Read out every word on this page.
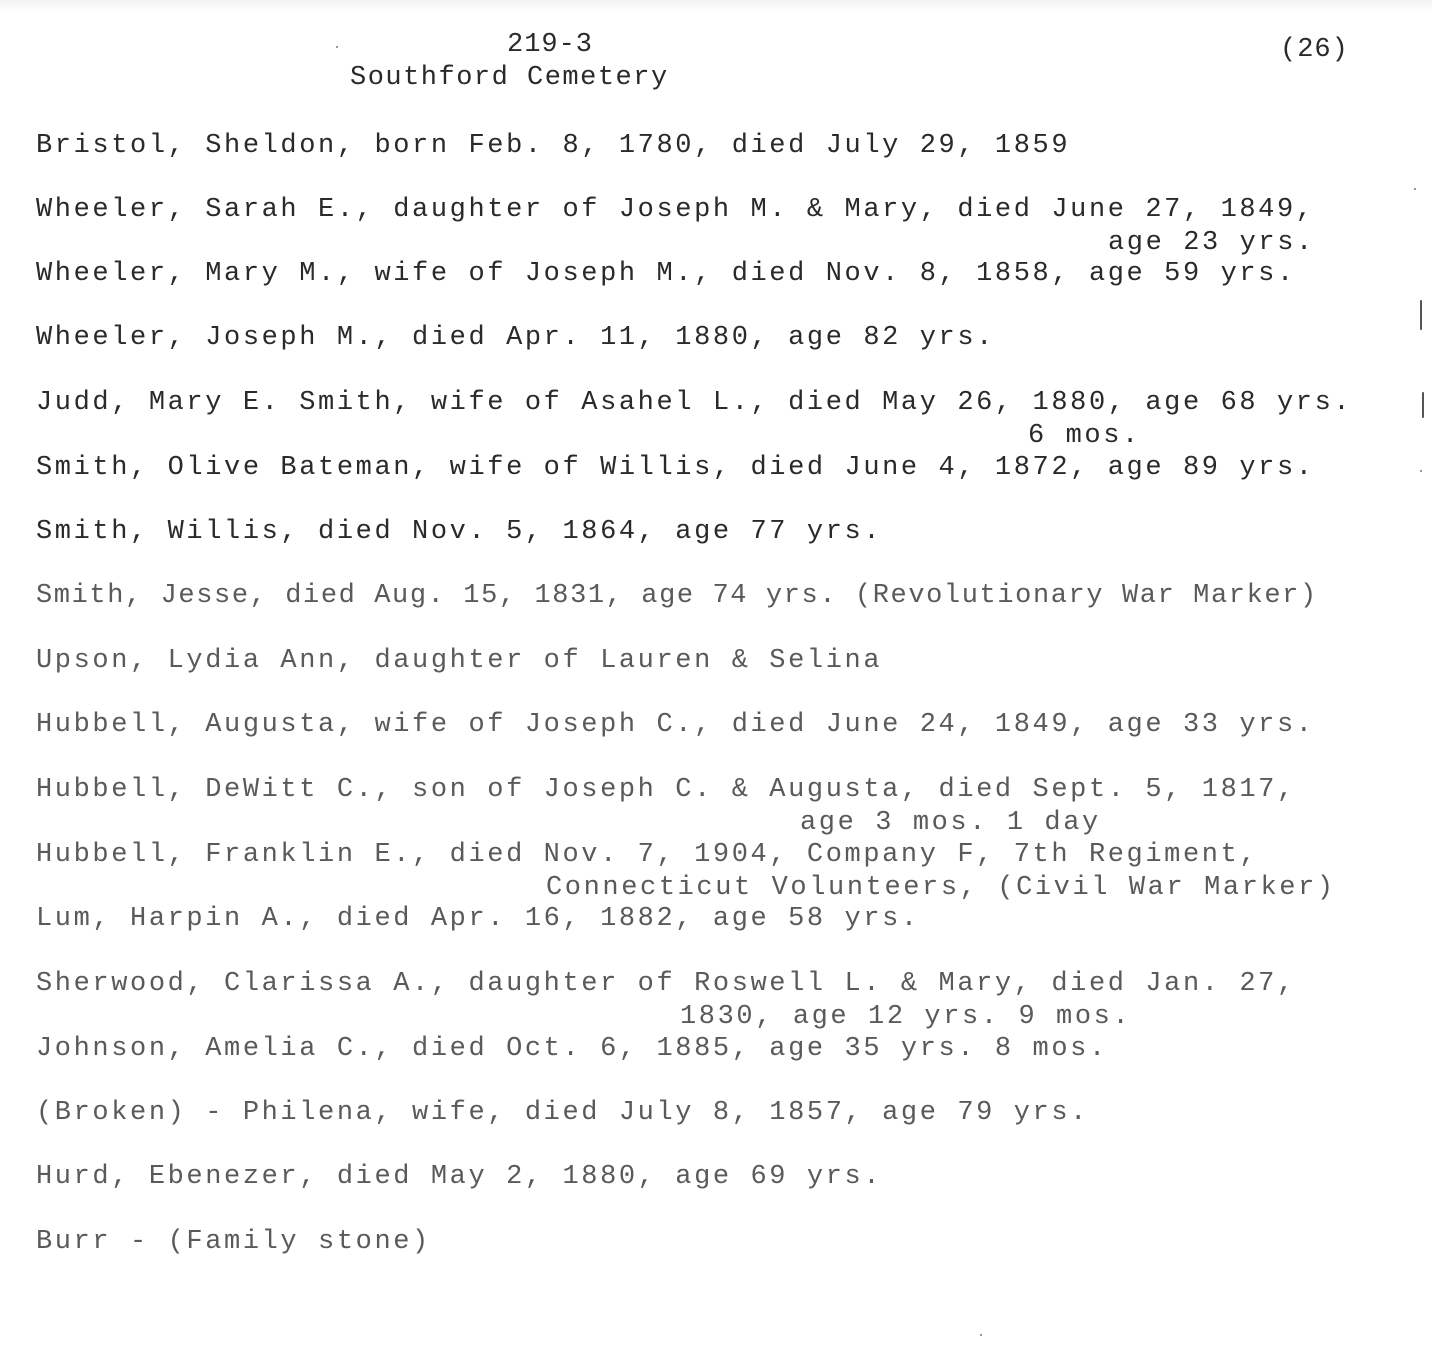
219-3
Southford Cemetery
(26)
Bristol, Sheldon, born Feb. 8, 1780, died July 29, 1859
Wheeler, Sarah E., daughter of Joseph M. & Mary, died June 27, 1849,
age 23 yrs.
Wheeler, Mary M., wife of Joseph M., died Nov. 8, 1858, age 59 yrs.
Wheeler, Joseph M., died Apr. 11, 1880, age 82 yrs.
Judd, Mary E. Smith, wife of Asahel L., died May 26, 1880, age 68 yrs.
6 mos.
Smith, Olive Bateman, wife of Willis, died June 4, 1872, age 89 yrs.
Smith, Willis, died Nov. 5, 1864, age 77 yrs.
Smith, Jesse, died Aug. 15, 1831, age 74 yrs. (Revolutionary War Marker)
Upson, Lydia Ann, daughter of Lauren & Selina
Hubbell, Augusta, wife of Joseph C., died June 24, 1849, age 33 yrs.
Hubbell, DeWitt C., son of Joseph C. & Augusta, died Sept. 5, 1817,
age 3 mos. 1 day
Hubbell, Franklin E., died Nov. 7, 1904, Company F, 7th Regiment,
Connecticut Volunteers, (Civil War Marker)
Lum, Harpin A., died Apr. 16, 1882, age 58 yrs.
Sherwood, Clarissa A., daughter of Roswell L. & Mary, died Jan. 27,
1830, age 12 yrs. 9 mos.
Johnson, Amelia C., died Oct. 6, 1885, age 35 yrs. 8 mos.
(Broken) - Philena, wife, died July 8, 1857, age 79 yrs.
Hurd, Ebenezer, died May 2, 1880, age 69 yrs.
Burr - (Family stone)
